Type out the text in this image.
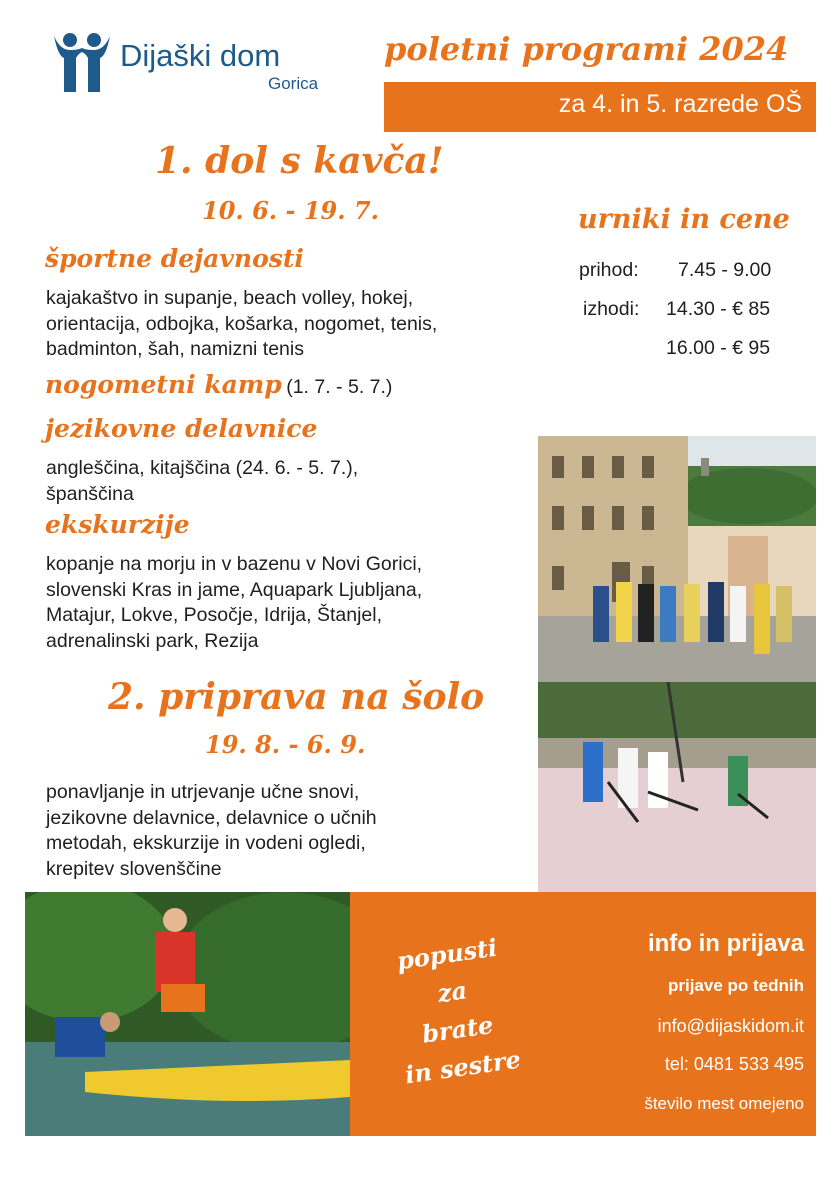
Dijaški dom
Gorica
poletni programi 2024
za 4. in 5. razrede OŠ
1. dol s kavča!
10. 6. - 19. 7.
športne dejavnosti
kajakaštvo in supanje, beach volley, hokej,
orientacija, odbojka, košarka, nogomet, tenis,
badminton, šah, namizni tenis
nogometni kamp (1. 7. - 5. 7.)
jezikovne delavnice
angleščina, kitajščina (24. 6. - 5. 7.),
španščina
ekskurzije
kopanje na morju in v bazenu v Novi Gorici,
slovenski Kras in jame, Aquapark Ljubljana,
Matajur, Lokve, Posočje, Idrija, Štanjel,
adrenalinski park, Rezija
2. priprava na šolo
19. 8. - 6. 9.
ponavljanje in utrjevanje učne snovi,
jezikovne delavnice, delavnice o učnih
metodah, ekskurzije in vodeni ogledi,
krepitev slovenščine
urniki in cene
prihod: 7.45 - 9.00
izhodi: 14.30 - € 85
16.00 - € 95
popusti
za
brate
in sestre
info in prijava
prijave po tednih
info@dijaskidom.it
tel: 0481 533 495
število mest omejeno
